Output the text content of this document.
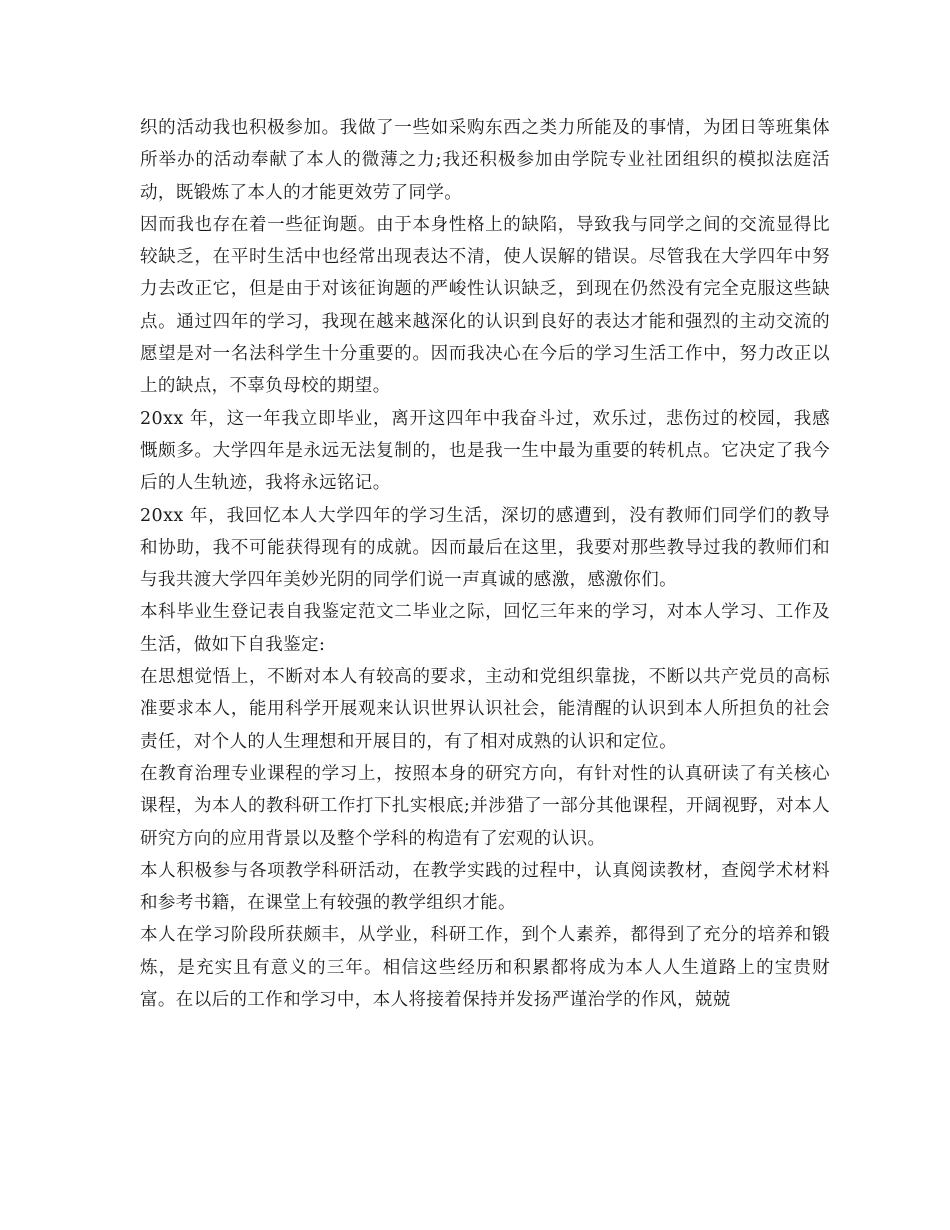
织的活动我也积极参加。我做了一些如采购东西之类力所能及的事情，为团日等班集体所举办的活动奉献了本人的微薄之力;我还积极参加由学院专业社团组织的模拟法庭活动，既锻炼了本人的才能更效劳了同学。

因而我也存在着一些征询题。由于本身性格上的缺陷，导致我与同学之间的交流显得比较缺乏，在平时生活中也经常出现表达不清，使人误解的错误。尽管我在大学四年中努力去改正它，但是由于对该征询题的严峻性认识缺乏，到现在仍然没有完全克服这些缺点。通过四年的学习，我现在越来越深化的认识到良好的表达才能和强烈的主动交流的愿望是对一名法科学生十分重要的。因而我决心在今后的学习生活工作中，努力改正以上的缺点，不辜负母校的期望。

20xx 年，这一年我立即毕业，离开这四年中我奋斗过，欢乐过，悲伤过的校园，我感慨颇多。大学四年是永远无法复制的，也是我一生中最为重要的转机点。它决定了我今后的人生轨迹，我将永远铭记。

20xx 年，我回忆本人大学四年的学习生活，深切的感遭到，没有教师们同学们的教导和协助，我不可能获得现有的成就。因而最后在这里，我要对那些教导过我的教师们和与我共渡大学四年美妙光阴的同学们说一声真诚的感激，感激你们。

本科毕业生登记表自我鉴定范文二毕业之际，回忆三年来的学习，对本人学习、工作及生活，做如下自我鉴定:

在思想觉悟上，不断对本人有较高的要求，主动和党组织靠拢，不断以共产党员的高标准要求本人，能用科学开展观来认识世界认识社会，能清醒的认识到本人所担负的社会责任，对个人的人生理想和开展目的，有了相对成熟的认识和定位。

在教育治理专业课程的学习上，按照本身的研究方向，有针对性的认真研读了有关核心课程，为本人的教科研工作打下扎实根底;并涉猎了一部分其他课程，开阔视野，对本人研究方向的应用背景以及整个学科的构造有了宏观的认识。

本人积极参与各项教学科研活动，在教学实践的过程中，认真阅读教材，查阅学术材料和参考书籍，在课堂上有较强的教学组织才能。

本人在学习阶段所获颇丰，从学业，科研工作，到个人素养，都得到了充分的培养和锻炼，是充实且有意义的三年。相信这些经历和积累都将成为本人人生道路上的宝贵财富。在以后的工作和学习中，本人将接着保持并发扬严谨治学的作风，兢兢
